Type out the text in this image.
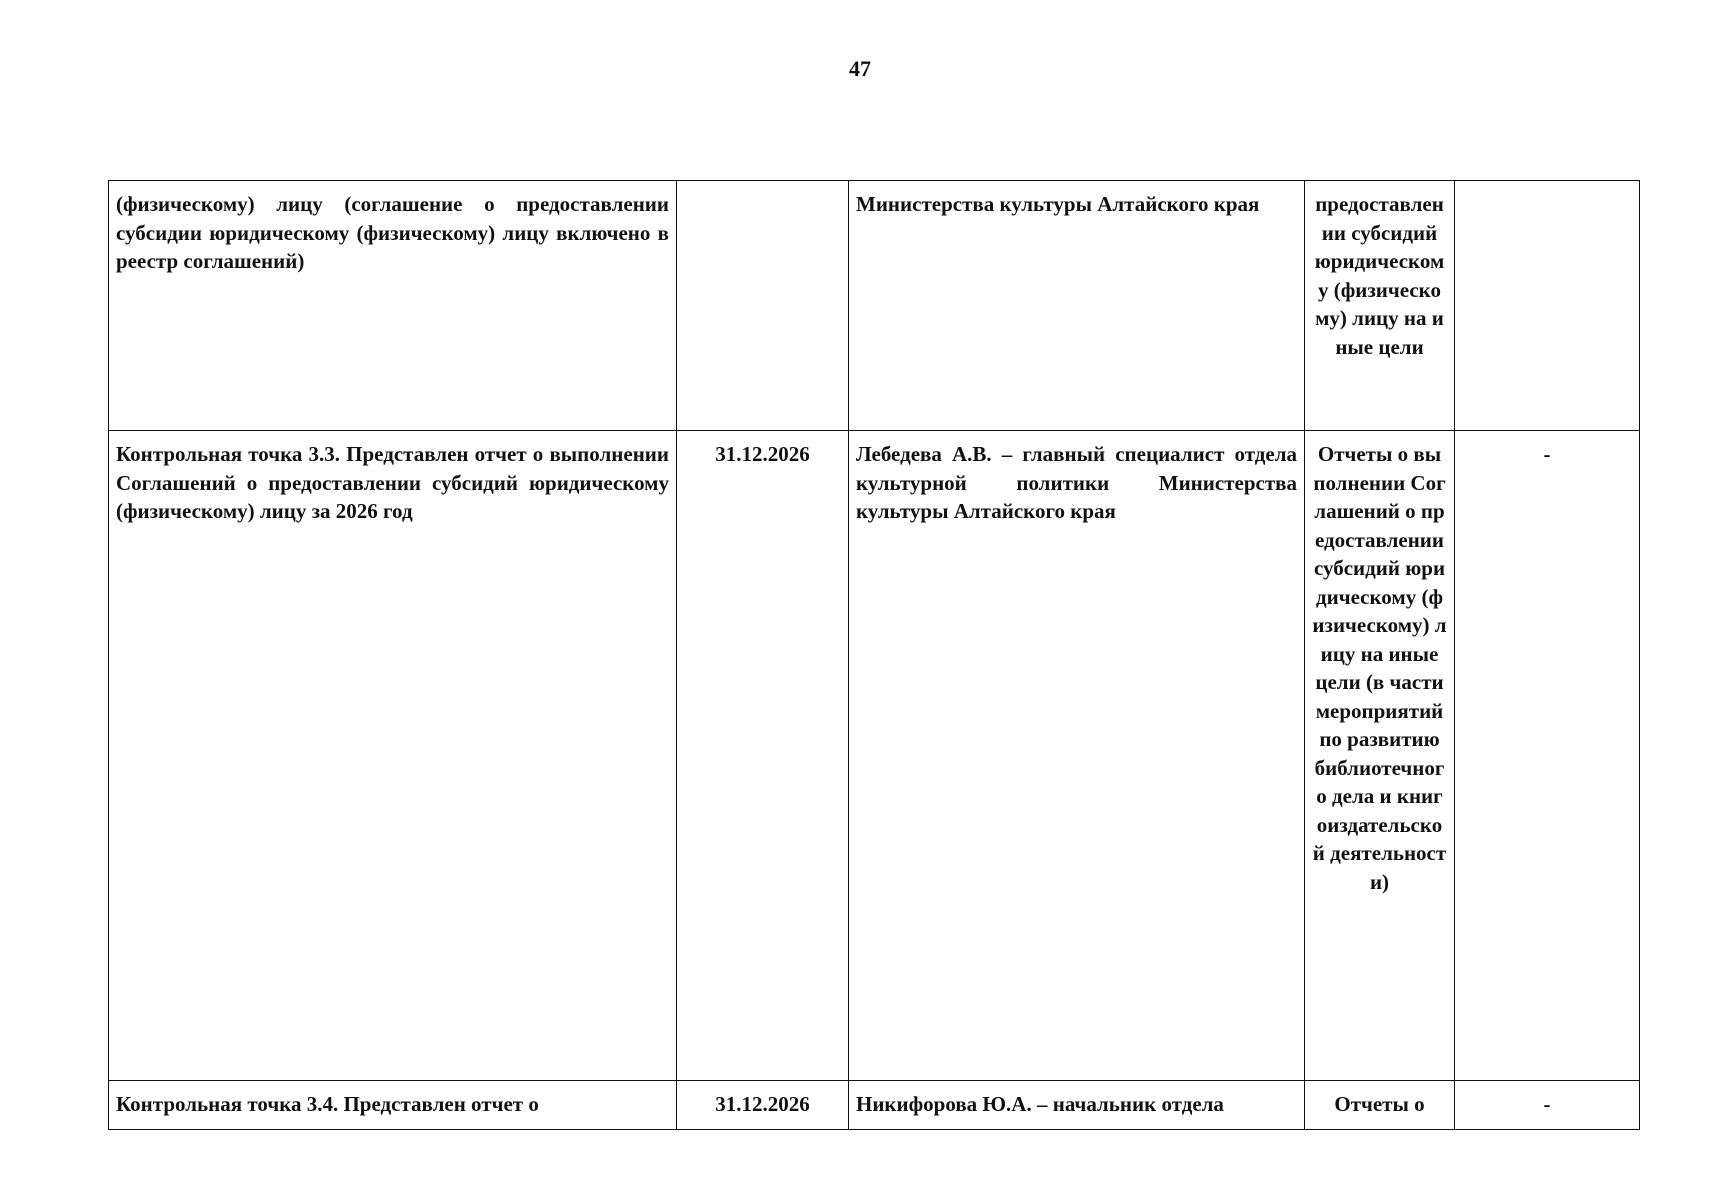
47
(физическому) лицу (соглашение о предоставлении субсидии юридическому (физическому) лицу включено в реестр соглашений)		Министерства культуры Алтайского края	предоставлении субсидий юридическому (физическому) лицу на иные цели	
Контрольная точка 3.3. Представлен отчет о выполнении Соглашений о предоставлении субсидий юридическому (физическому) лицу за 2026 год	31.12.2026	Лебедева А.В. – главный специалист отдела культурной политики Министерства культуры Алтайского края	Отчеты о выполнении Соглашений о предоставлении субсидий юридическому (физическому) лицу на иные цели (в части мероприятий по развитию библиотечного дела и книгоиздательской деятельности)	-
Контрольная точка 3.4. Представлен отчет о	31.12.2026	Никифорова Ю.А. – начальник отдела	Отчеты о	-
